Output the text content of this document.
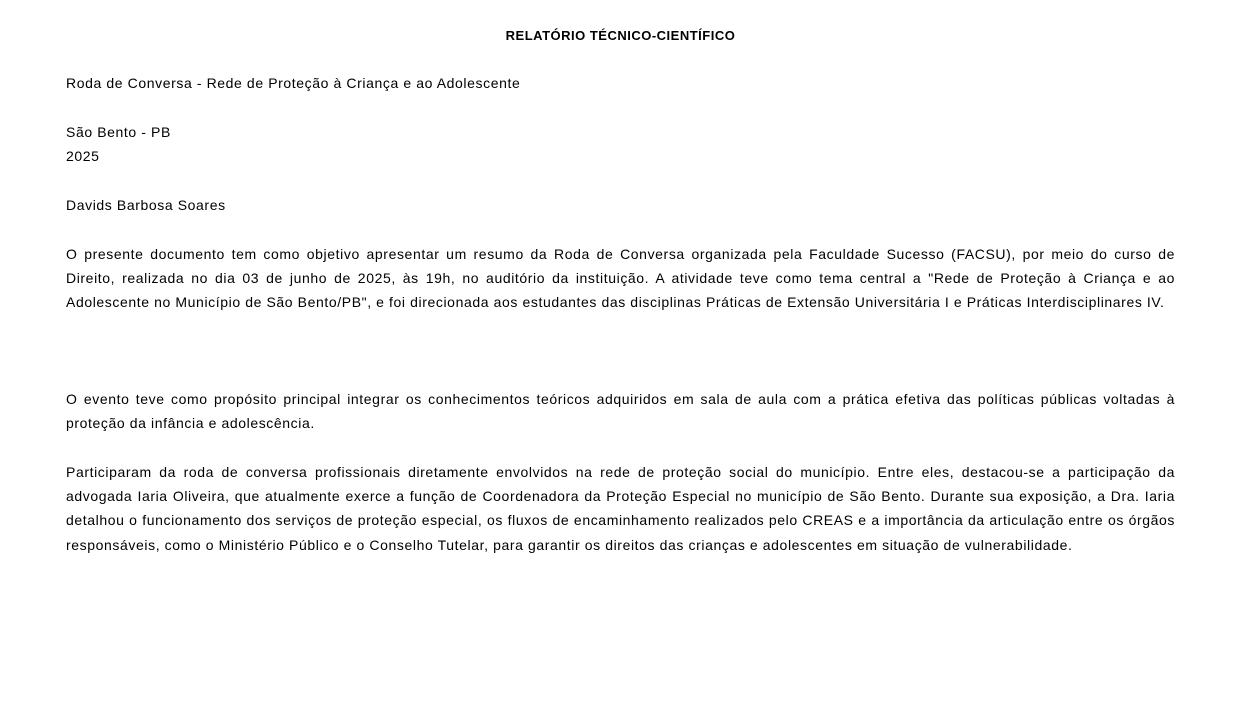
RELATÓRIO TÉCNICO-CIENTÍFICO
Roda de Conversa - Rede de Proteção à Criança e ao Adolescente
São Bento - PB
2025
Davids Barbosa Soares

O presente documento tem como objetivo apresentar um resumo da Roda de Conversa organizada pela Faculdade Sucesso (FACSU), por meio do curso de Direito, realizada no dia 03 de junho de 2025, às 19h, no auditório da instituição. A atividade teve como tema central a "Rede de Proteção à Criança e ao Adolescente no Município de São Bento/PB", e foi direcionada aos estudantes das disciplinas Práticas de Extensão Universitária I e Práticas Interdisciplinares IV.

O evento teve como propósito principal integrar os conhecimentos teóricos adquiridos em sala de aula com a prática efetiva das políticas públicas voltadas à proteção da infância e adolescência.

Participaram da roda de conversa profissionais diretamente envolvidos na rede de proteção social do município. Entre eles, destacou-se a participação da advogada Iaria Oliveira, que atualmente exerce a função de Coordenadora da Proteção Especial no município de São Bento. Durante sua exposição, a Dra. Iaria detalhou o funcionamento dos serviços de proteção especial, os fluxos de encaminhamento realizados pelo CREAS e a importância da articulação entre os órgãos responsáveis, como o Ministério Público e o Conselho Tutelar, para garantir os direitos das crianças e adolescentes em situação de vulnerabilidade.
